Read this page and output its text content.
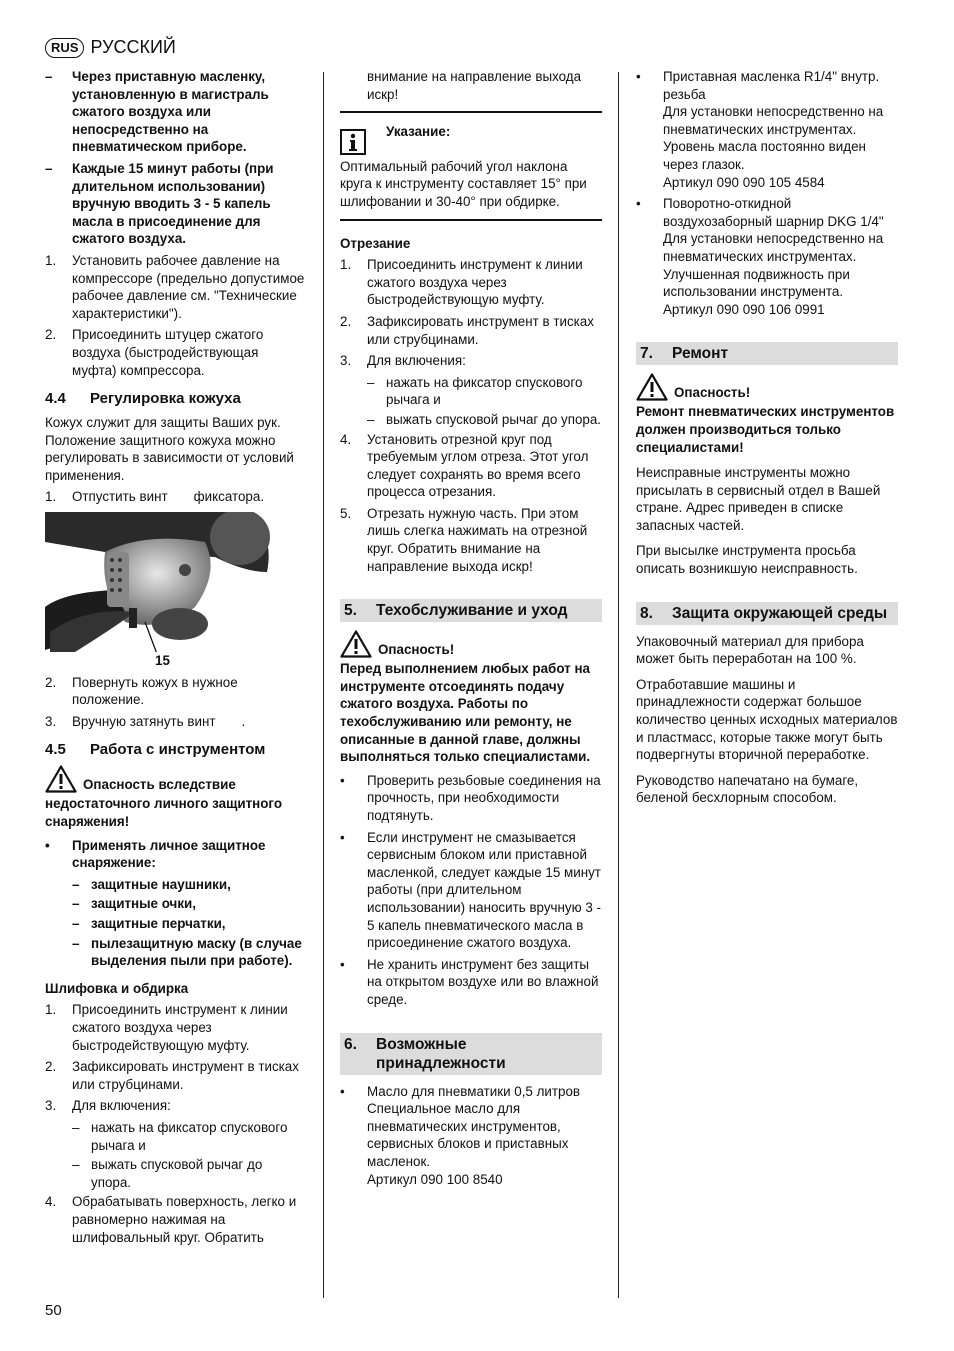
RUS РУССКИЙ
–	Через приставную масленку, установленную в магистраль сжатого воздуха или непосредственно на пневматическом приборе.
–	Каждые 15 минут работы (при длительном использовании) вручную вводить 3 - 5 капель масла в присоединение для сжатого воздуха.
1.	Установить рабочее давление на компрессоре (предельно допустимое рабочее давление см. "Технические характеристики").
2.	Присоединить штуцер сжатого воздуха (быстродействующая муфта) компрессора.
4.4	Регулировка кожуха

Кожух служит для защиты Ваших рук. Положение защитного кожуха можно регулировать в зависимости от условий применения.

1.	Отпустить винт       фиксатора.
15
2.	Повернуть кожух в нужное положение.
3.	Вручную затянуть винт       .
4.5	Работа с инструментом
Опасность вследствие

недостаточного личного защитного снаряжения!

•	Применять личное защитное снаряжение:
– защитные наушники,
– защитные очки,
– защитные перчатки,
– пылезащитную маску (в случае выделения пыли при работе).

Шлифовка и обдирка

1.	Присоединить инструмент к линии сжатого воздуха через быстродействующую муфту.
2.	Зафиксировать инструмент в тисках или струбцинами.
3.	Для включения:
– нажать на фиксатор спускового рычага и
– выжать спусковой рычаг до упора.
4.	Обрабатывать поверхность, легко и равномерно нажимая на шлифовальный круг. Обратить
внимание на направление выхода искр!

Указание:

Оптимальный рабочий угол наклона круга к инструменту составляет 15° при шлифовании и 30-40° при обдирке.

Отрезание

1.	Присоединить инструмент к линии сжатого воздуха через быстродействующую муфту.
2.	Зафиксировать инструмент в тисках или струбцинами.
3.	Для включения:
– нажать на фиксатор спускового рычага и
– выжать спусковой рычаг до упора.
4.	Установить отрезной круг под требуемым углом отреза. Этот угол следует сохранять во время всего процесса отрезания.
5.	Отрезать нужную часть. При этом лишь слегка нажимать на отрезной круг. Обратить внимание на направление выхода искр!
5.	Техобслуживание и уход
Опасность!

Перед выполнением любых работ на инструменте отсоединять подачу сжатого воздуха. Работы по техобслуживанию или ремонту, не описанные в данной главе, должны выполняться только специалистами.

•	Проверить резьбовые соединения на прочность, при необходимости подтянуть.
•	Если инструмент не смазывается сервисным блоком или приставной масленкой, следует каждые 15 минут работы (при длительном использовании) наносить вручную 3 - 5 капель пневматического масла в присоединение сжатого воздуха.
•	Не хранить инструмент без защиты на открытом воздухе или во влажной среде.
6.	Возможные принадлежности
•	Масло для пневматики 0,5 литров
Специальное масло для пневматических инструментов, сервисных блоков и приставных масленок.
Артикул 090 100 8540
•	Приставная масленка R1/4" внутр. резьба
Для установки непосредственно на пневматических инструментах. Уровень масла постоянно виден через глазок.
Артикул 090 090 105 4584
•	Поворотно-откидной воздухозаборный шарнир DKG 1/4"
Для установки непосредственно на пневматических инструментах. Улучшенная подвижность при использовании инструмента.
Артикул 090 090 106 0991
7.	Ремонт
Опасность!

Ремонт пневматических инструментов должен производиться только специалистами!

Неисправные инструменты можно присылать в сервисный отдел в Вашей стране. Адрес приведен в списке запасных частей.

При высылке инструмента просьба описать возникшую неисправность.

8.	Защита окружающей среды

Упаковочный материал для прибора может быть переработан на 100 %.

Отработавшие машины и принадлежности содержат большое количество ценных исходных материалов и пластмасс, которые также могут быть подвергнуты вторичной переработке.

Руководство напечатано на бумаге, беленой бесхлорным способом.

50
